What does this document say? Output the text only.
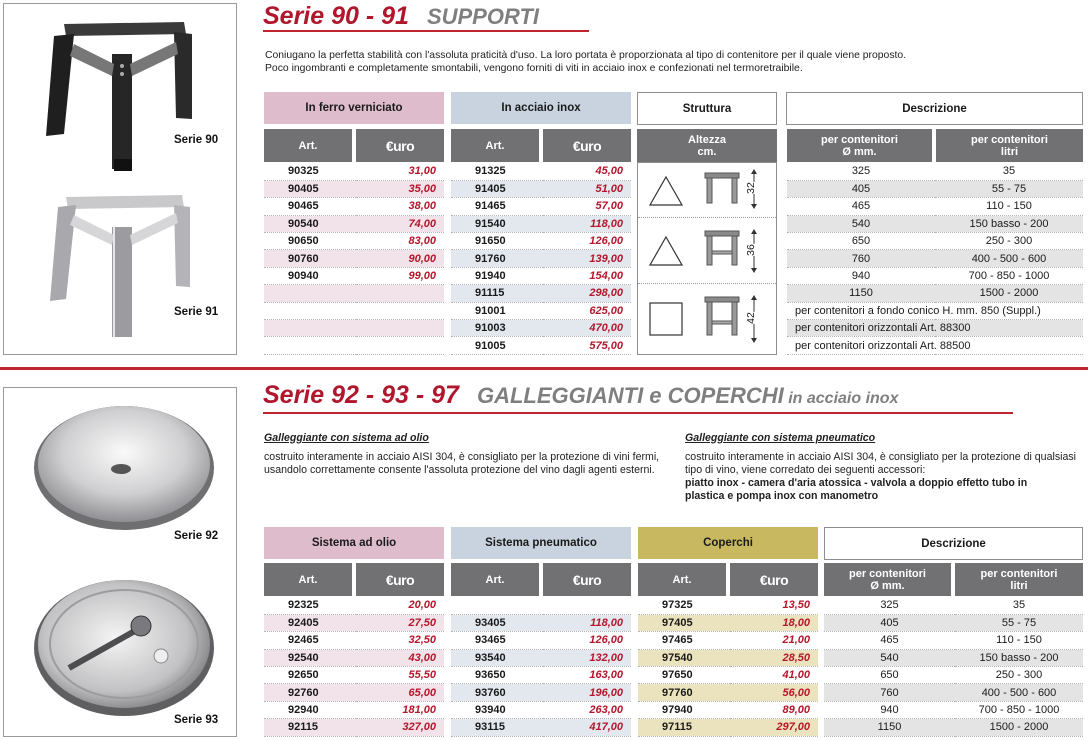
Serie 90
Serie 91
Serie 90 - 91 SUPPORTI
Coniugano la perfetta stabilità con l'assoluta praticità d'uso. La loro portata è proporzionata al tipo di contenitore per il quale viene proposto.
Poco ingombranti e completamente smontabili, vengono forniti di viti in acciaio inox e confezionati nel termoretraibile.
In ferro verniciato	In acciaio inox	Struttura	Descrizione
Art.	€uro	Art.	€uro	Altezza
cm.
per contenitori
Ø mm.
per contenitori
litri
90325	31,00
90405	35,00
90465	38,00
90540	74,00
90650	83,00
90760	90,00
90940	99,00

91325	45,00
91405	51,00
91465	57,00
91540	118,00
91650	126,00
91760	139,00
91940	154,00
91115	298,00
91001	625,00
91003	470,00
91005	575,00
325	35
405	55 - 75
465	110 - 150
540	150 basso - 200
650	250 - 300
760	400 - 500 - 600
940	700 - 850 - 1000
1150	1500 - 2000
per contenitori a fondo conico H. mm. 850 (Suppl.)	
per contenitori orizzontali Art. 88300	
per contenitori orizzontali Art. 88500	
32
36
42
Serie 92
Serie 93
Serie 92 - 93 - 97 GALLEGGIANTI e COPERCHI in acciaio inox
Galleggiante con sistema ad olio
costruito interamente in acciaio AISI 304, è consigliato per la protezione di vini fermi, usandolo correttamente consente l'assoluta protezione del vino dagli agenti esterni.
Galleggiante con sistema pneumatico
costruito interamente in acciaio AISI 304, è consigliato per la protezione di qualsiasi tipo di vino, viene corredato dei seguenti accessori:
piatto inox - camera d'aria atossica - valvola a doppio effetto tubo in plastica e pompa inox con manometro
Sistema ad olio	Sistema pneumatico	Coperchi	Descrizione
Art.	€uro	Art.	€uro	Art.	€uro	per contenitori
Ø mm.
per contenitori
litri
92325	20,00
92405	27,50
92465	32,50
92540	43,00
92650	55,50
92760	65,00
92940	181,00
92115	327,00

93405	118,00
93465	126,00
93540	132,00
93650	163,00
93760	196,00
93940	263,00
93115	417,00
97325	13,50
97405	18,00
97465	21,00
97540	28,50
97650	41,00
97760	56,00
97940	89,00
97115	297,00
325	35
405	55 - 75
465	110 - 150
540	150 basso - 200
650	250 - 300
760	400 - 500 - 600
940	700 - 850 - 1000
1150	1500 - 2000
